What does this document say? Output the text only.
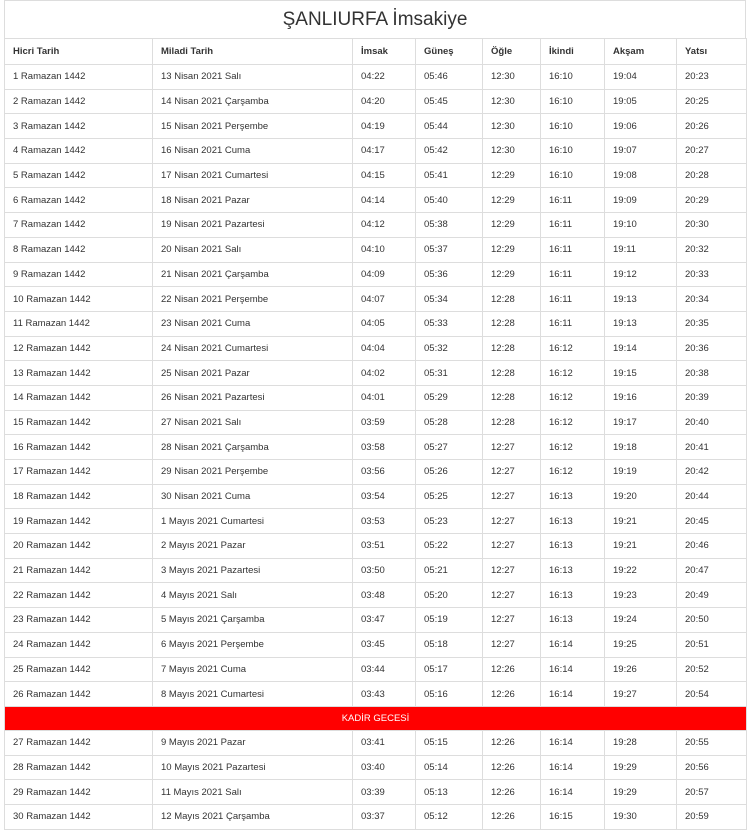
ŞANLIURFA İmsakiye
Hicri Tarih	Miladi Tarih	İmsak	Güneş	Öğle	İkindi	Akşam	Yatsı
1 Ramazan 1442	13 Nisan 2021 Salı	04:22	05:46	12:30	16:10	19:04	20:23
2 Ramazan 1442	14 Nisan 2021 Çarşamba	04:20	05:45	12:30	16:10	19:05	20:25
3 Ramazan 1442	15 Nisan 2021 Perşembe	04:19	05:44	12:30	16:10	19:06	20:26
4 Ramazan 1442	16 Nisan 2021 Cuma	04:17	05:42	12:30	16:10	19:07	20:27
5 Ramazan 1442	17 Nisan 2021 Cumartesi	04:15	05:41	12:29	16:10	19:08	20:28
6 Ramazan 1442	18 Nisan 2021 Pazar	04:14	05:40	12:29	16:11	19:09	20:29
7 Ramazan 1442	19 Nisan 2021 Pazartesi	04:12	05:38	12:29	16:11	19:10	20:30
8 Ramazan 1442	20 Nisan 2021 Salı	04:10	05:37	12:29	16:11	19:11	20:32
9 Ramazan 1442	21 Nisan 2021 Çarşamba	04:09	05:36	12:29	16:11	19:12	20:33
10 Ramazan 1442	22 Nisan 2021 Perşembe	04:07	05:34	12:28	16:11	19:13	20:34
11 Ramazan 1442	23 Nisan 2021 Cuma	04:05	05:33	12:28	16:11	19:13	20:35
12 Ramazan 1442	24 Nisan 2021 Cumartesi	04:04	05:32	12:28	16:12	19:14	20:36
13 Ramazan 1442	25 Nisan 2021 Pazar	04:02	05:31	12:28	16:12	19:15	20:38
14 Ramazan 1442	26 Nisan 2021 Pazartesi	04:01	05:29	12:28	16:12	19:16	20:39
15 Ramazan 1442	27 Nisan 2021 Salı	03:59	05:28	12:28	16:12	19:17	20:40
16 Ramazan 1442	28 Nisan 2021 Çarşamba	03:58	05:27	12:27	16:12	19:18	20:41
17 Ramazan 1442	29 Nisan 2021 Perşembe	03:56	05:26	12:27	16:12	19:19	20:42
18 Ramazan 1442	30 Nisan 2021 Cuma	03:54	05:25	12:27	16:13	19:20	20:44
19 Ramazan 1442	1 Mayıs 2021 Cumartesi	03:53	05:23	12:27	16:13	19:21	20:45
20 Ramazan 1442	2 Mayıs 2021 Pazar	03:51	05:22	12:27	16:13	19:21	20:46
21 Ramazan 1442	3 Mayıs 2021 Pazartesi	03:50	05:21	12:27	16:13	19:22	20:47
22 Ramazan 1442	4 Mayıs 2021 Salı	03:48	05:20	12:27	16:13	19:23	20:49
23 Ramazan 1442	5 Mayıs 2021 Çarşamba	03:47	05:19	12:27	16:13	19:24	20:50
24 Ramazan 1442	6 Mayıs 2021 Perşembe	03:45	05:18	12:27	16:14	19:25	20:51
25 Ramazan 1442	7 Mayıs 2021 Cuma	03:44	05:17	12:26	16:14	19:26	20:52
26 Ramazan 1442	8 Mayıs 2021 Cumartesi	03:43	05:16	12:26	16:14	19:27	20:54
KADİR GECESİ							
27 Ramazan 1442	9 Mayıs 2021 Pazar	03:41	05:15	12:26	16:14	19:28	20:55
28 Ramazan 1442	10 Mayıs 2021 Pazartesi	03:40	05:14	12:26	16:14	19:29	20:56
29 Ramazan 1442	11 Mayıs 2021 Salı	03:39	05:13	12:26	16:14	19:29	20:57
30 Ramazan 1442	12 Mayıs 2021 Çarşamba	03:37	05:12	12:26	16:15	19:30	20:59
